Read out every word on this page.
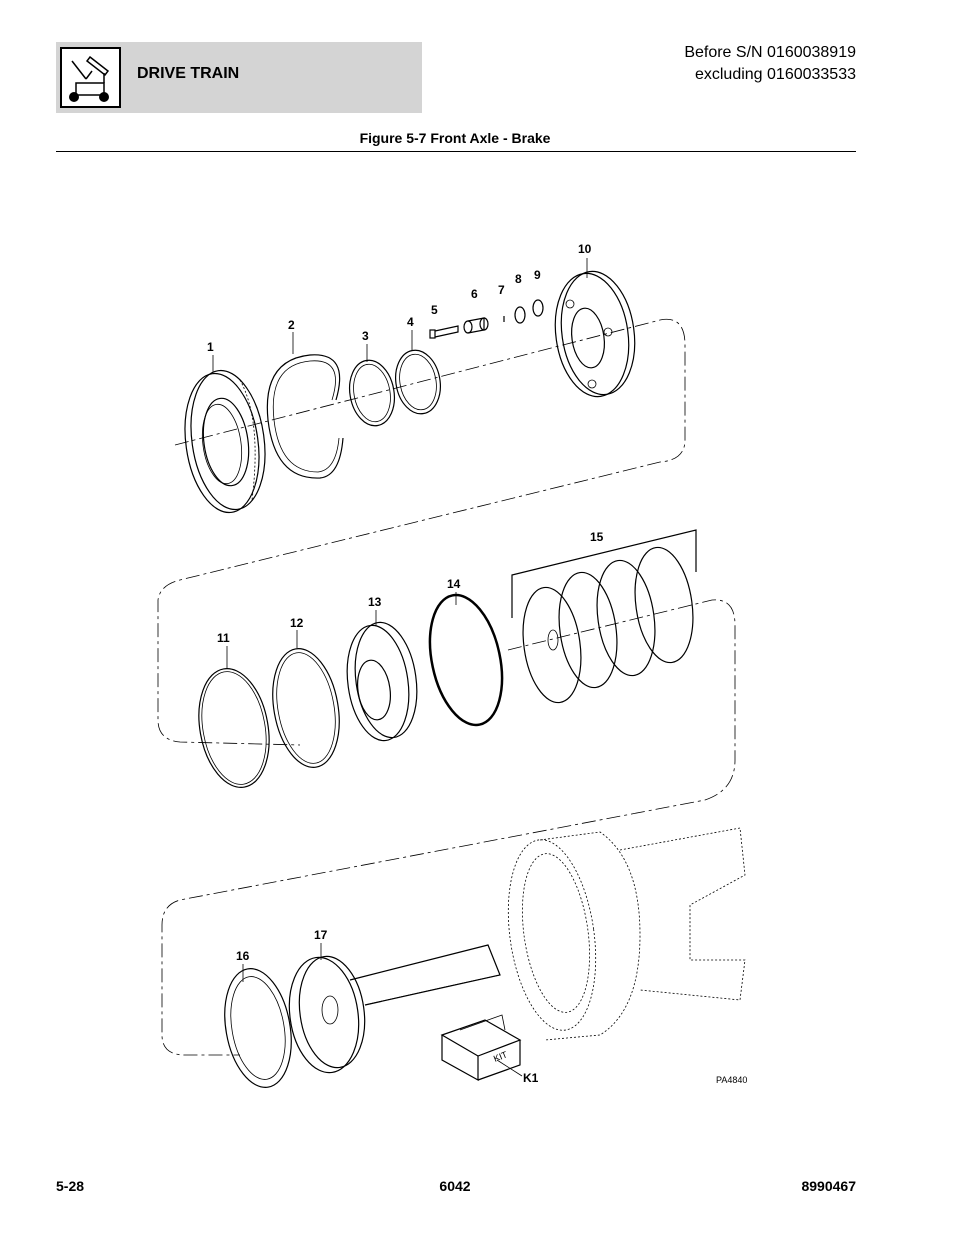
DRIVE TRAIN
Before S/N 0160038919
excluding 0160033533
Figure 5-7 Front Axle - Brake
KIT
1
2
3
4
5
6 7
8 9
10
11
12
13
14
15
16
17
K1	PA4840
5-28	6042	8990467
